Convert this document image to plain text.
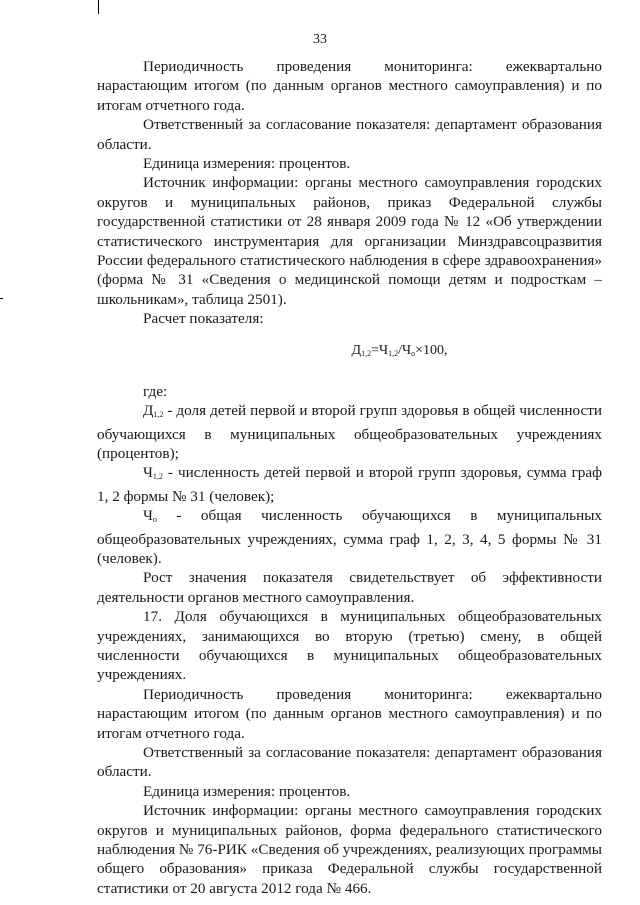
33

Периодичность проведения мониторинга: ежеквартально нарастающим итогом (по данным органов местного самоуправления) и по итогам отчетного года.

Ответственный за согласование показателя: департамент образования области.

Единица измерения: процентов.

Источник информации: органы местного самоуправления городских округов и муниципальных районов, приказ Федеральной службы государственной статистики от 28 января 2009 года № 12 «Об утверждении статистического инструментария для организации Минздравсоцразвития России федерального статистического наблюдения в сфере здравоохранения» (форма № 31 «Сведения о медицинской помощи детям и подросткам – школьникам», таблица 2501).

Расчет показателя:

$Д_{1,2}=Ч_{1,2}/Ч_о\times 100$,

где:

$Д_{1,2}$ - доля детей первой и второй групп здоровья в общей численности обучающихся в муниципальных общеобразовательных учреждениях (процентов);

$Ч_{1,2}$ - численность детей первой и второй групп здоровья, сумма граф 1, 2 формы № 31 (человек);

$Ч_о$ - общая численность обучающихся в муниципальных общеобразовательных учреждениях, сумма граф 1, 2, 3, 4, 5 формы № 31 (человек).

Рост значения показателя свидетельствует об эффективности деятельности органов местного самоуправления.

17. Доля обучающихся в муниципальных общеобразовательных учреждениях, занимающихся во вторую (третью) смену, в общей численности обучающихся в муниципальных общеобразовательных учреждениях.

Периодичность проведения мониторинга: ежеквартально нарастающим итогом (по данным органов местного самоуправления) и по итогам отчетного года.

Ответственный за согласование показателя: департамент образования области.

Единица измерения: процентов.

Источник информации: органы местного самоуправления городских округов и муниципальных районов, форма федерального статистического наблюдения № 76-РИК «Сведения об учреждениях, реализующих программы общего образования» приказа Федеральной службы государственной статистики от 20 августа 2012 года № 466.
